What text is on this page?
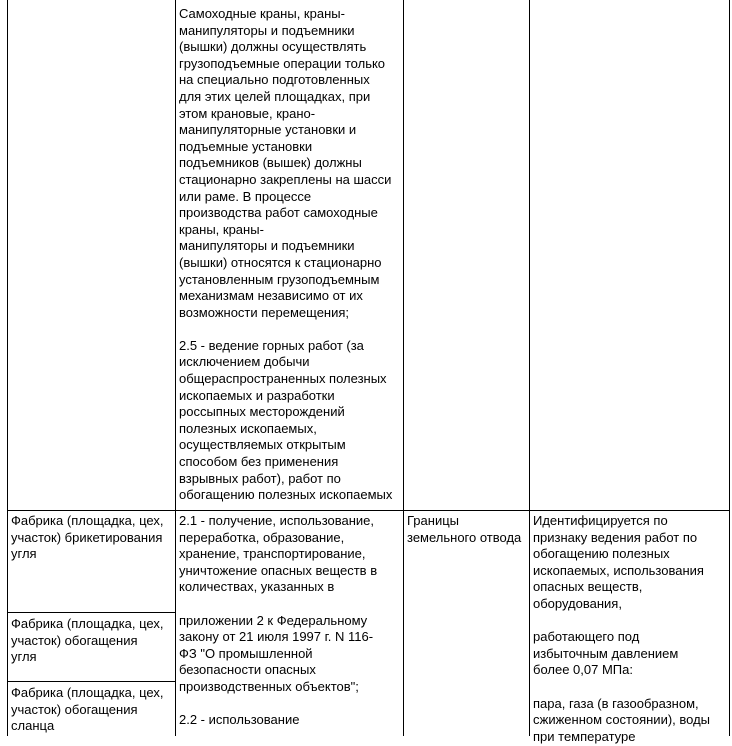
Самоходные краны, краны-
манипуляторы и подъемники
(вышки) должны осуществлять
грузоподъемные операции только
на специально подготовленных
для этих целей площадках, при
этом крановые, крано-
манипуляторные установки и
подъемные установки
подъемников (вышек) должны
стационарно закреплены на шасси
или раме. В процессе
производства работ самоходные
краны, краны-
манипуляторы и подъемники
(вышки) относятся к стационарно
установленным грузоподъемным
механизмам независимо от их
возможности перемещения;

2.5 - ведение горных работ (за
исключением добычи
общераспространенных полезных
ископаемых и разработки
россыпных месторождений
полезных ископаемых,
осуществляемых открытым
способом без применения
взрывных работ), работ по
обогащению полезных ископаемых
Фабрика (площадка, цех,
участок) брикетирования
угля
Фабрика (площадка, цех,
участок) обогащения
угля
Фабрика (площадка, цех,
участок) обогащения
сланца
2.1 - получение, использование,
переработка, образование,
хранение, транспортирование,
уничтожение опасных веществ в
количествах, указанных в

приложении 2 к Федеральному
закону от 21 июля 1997 г. N 116-
ФЗ "О промышленной
безопасности опасных
производственных объектов";

2.2 - использование
Границы
земельного отвода
Идентифицируется по
признаку ведения работ по
обогащению полезных
ископаемых, использования
опасных веществ,
оборудования,

работающего под
избыточным давлением
более 0,07 МПа:

пара, газа (в газообразном,
сжиженном состоянии), воды
при температуре
